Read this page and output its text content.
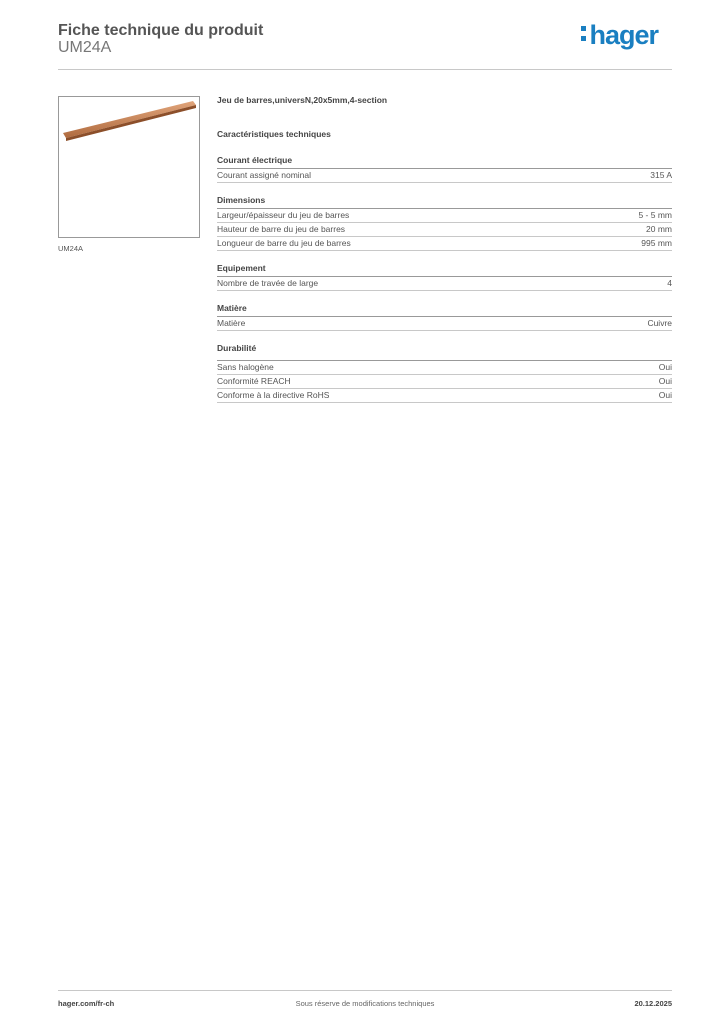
Fiche technique du produit
UM24A	hager
UM24A
Jeu de barres,universN,20x5mm,4-section
Caractéristiques techniques
Courant électrique
Courant assigné nominal	315 A
Dimensions
Largeur/épaisseur du jeu de barres	5 - 5 mm
Hauteur de barre du jeu de barres	20 mm
Longueur de barre du jeu de barres	995 mm
Equipement
Nombre de travée de large	4
Matière
Matière	Cuivre
Durabilité
Sans halogène	Oui
Conformité REACH	Oui
Conforme à la directive RoHS	Oui
hager.com/fr-ch	Sous réserve de modifications techniques	20.12.2025
